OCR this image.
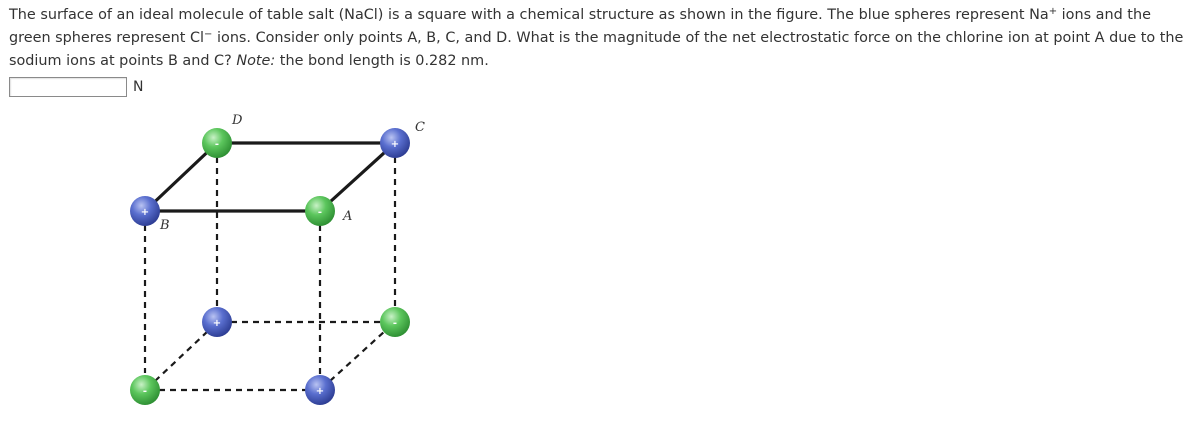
The surface of an ideal molecule of table salt (NaCl) is a square with a chemical structure as shown in the figure. The blue spheres represent Na+ ions and the green spheres represent Cl− ions. Consider only points A, B, C, and D. What is the magnitude of the net electrostatic force on the chlorine ion at point A due to the sodium ions at points B and C? Note: the bond length is 0.282 nm.

N
-	+
+	-
+	-
-	+
D	C
B
A
